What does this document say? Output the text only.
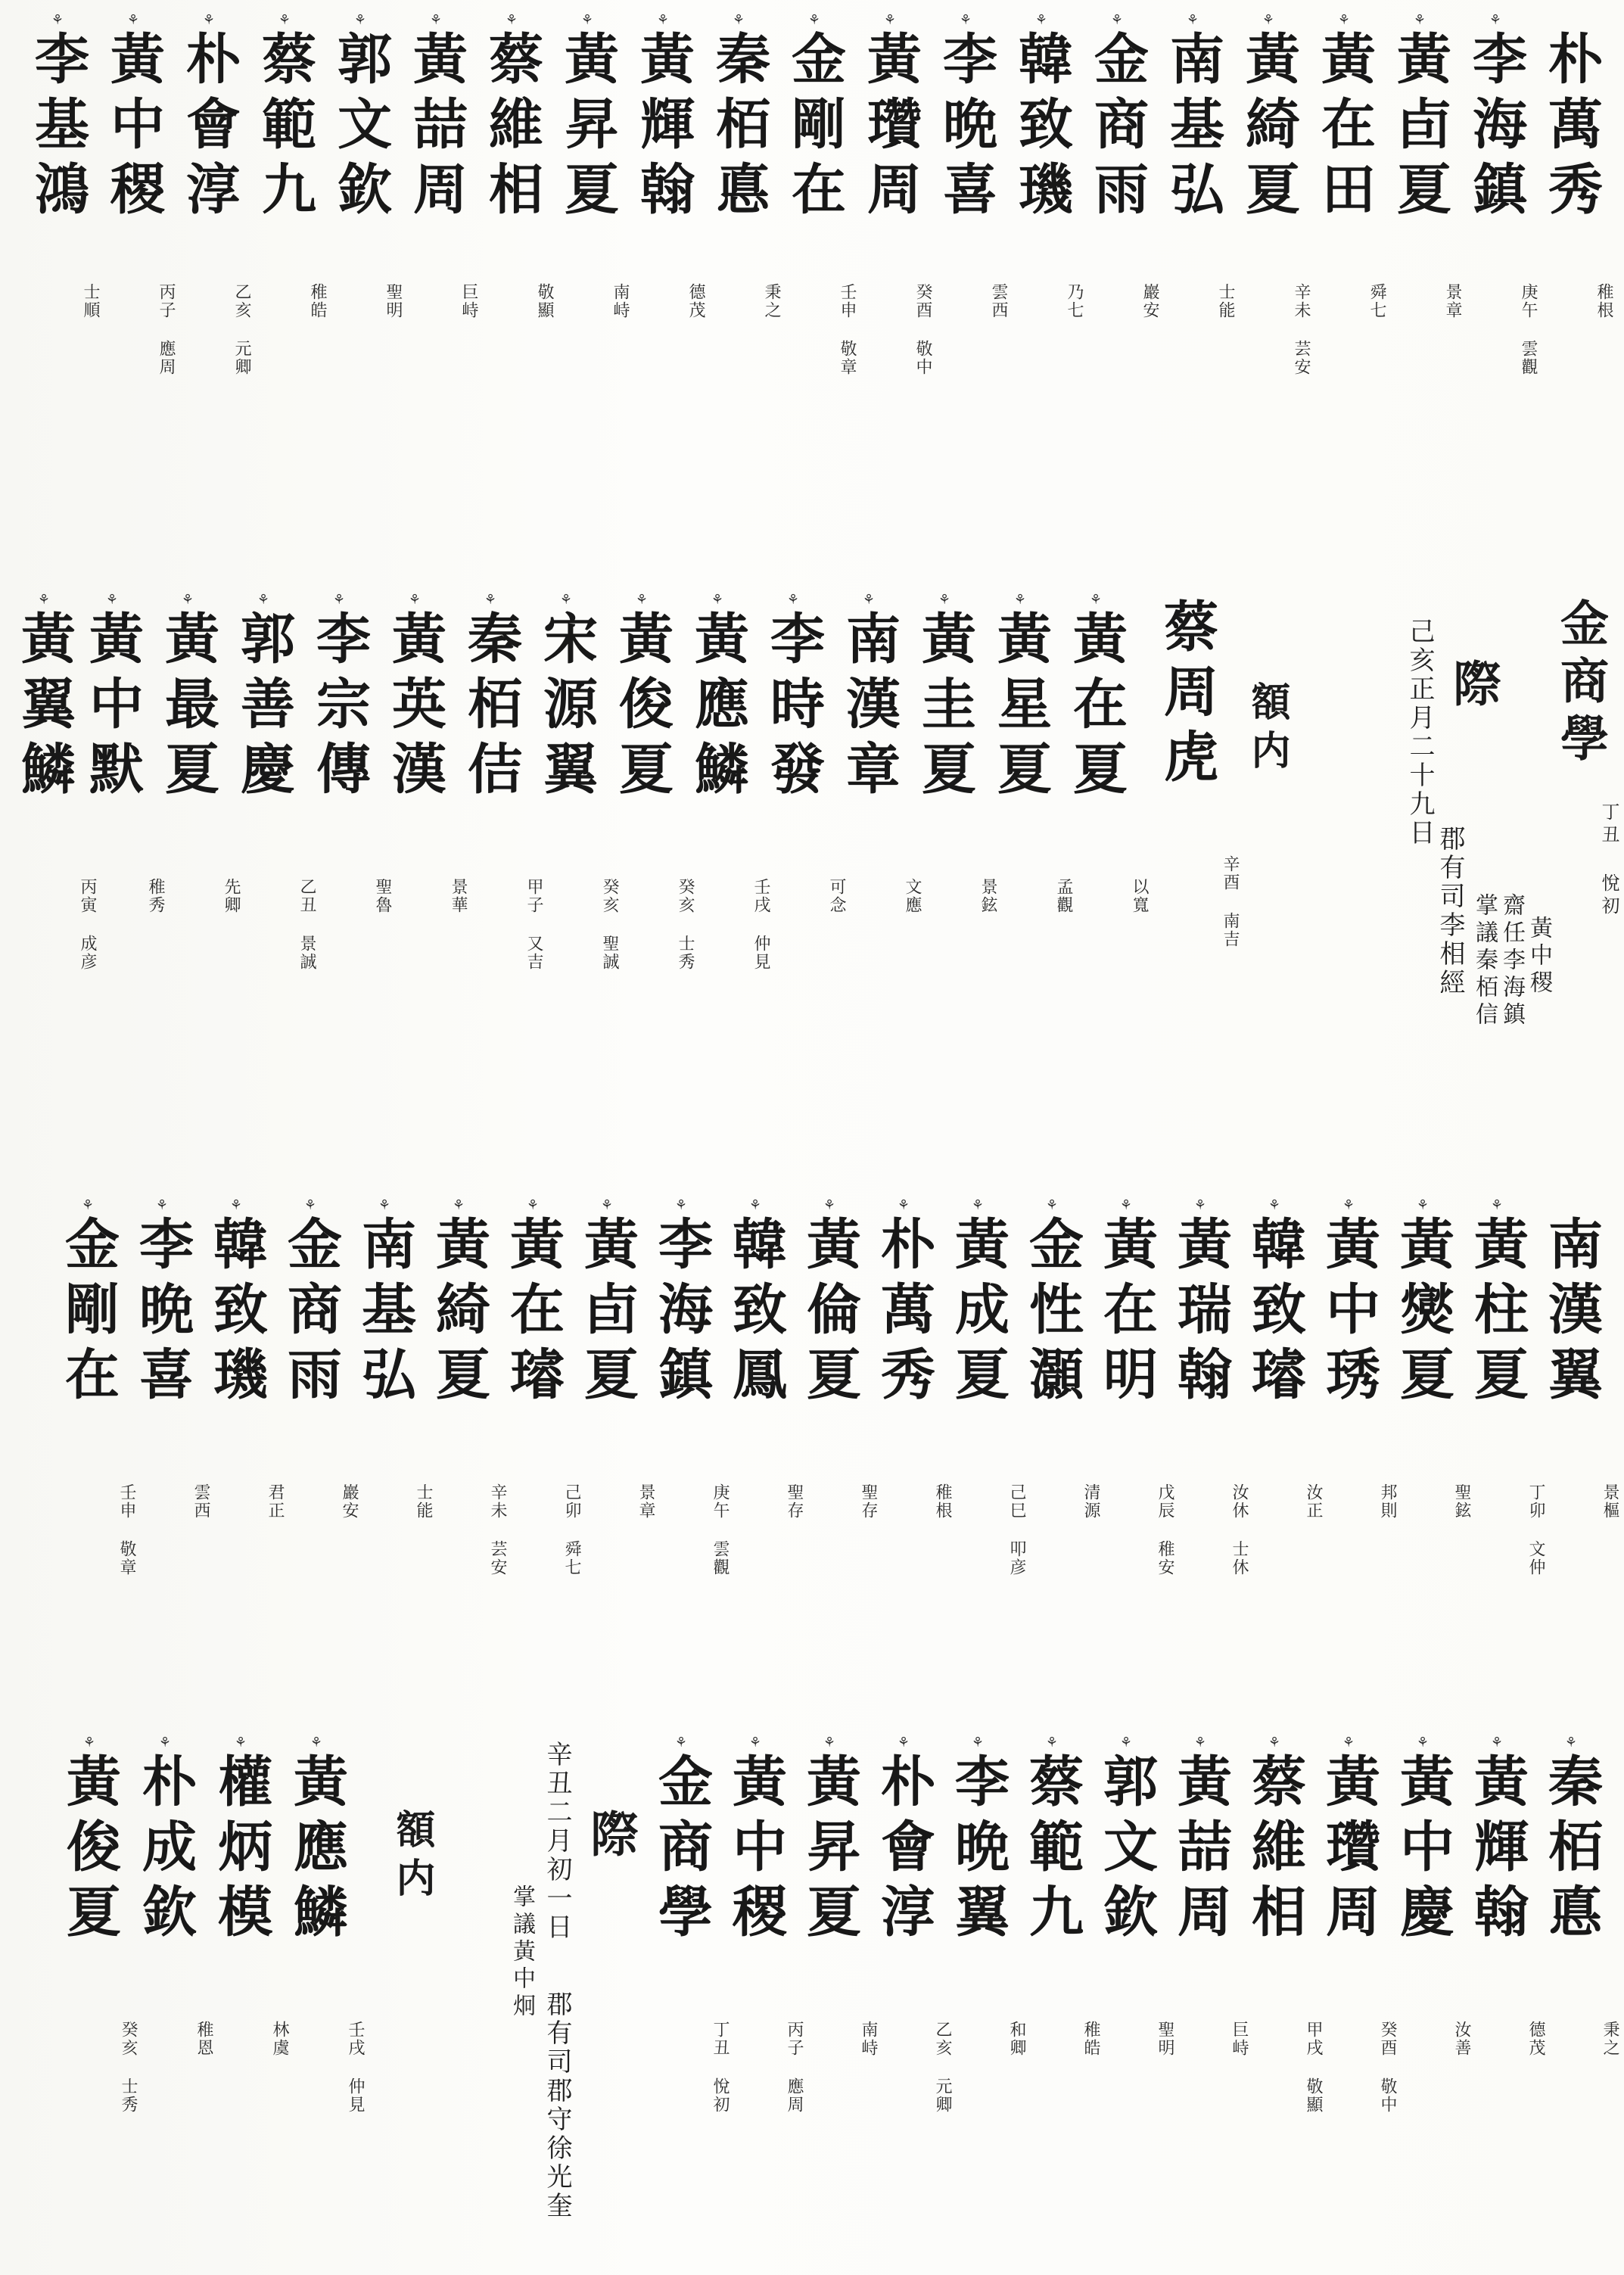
朴萬秀
稚根
⚘
李海鎮
庚午 雲觀
⚘
黃卣夏
景章
⚘
黃在田
舜七
⚘
黃綺夏
辛未 芸安
⚘
南基弘
士能
⚘
金商雨
巖安
⚘
韓致璣
乃七
⚘
李晩喜
雲西
⚘
黃瓚周
癸酉 敬中
⚘
金剛在
壬申 敬章
⚘
秦栢悳
秉之
⚘
黃輝翰
德茂
⚘
黃昇夏
南峙
⚘
蔡維相
敬顯
⚘
黃喆周
巨峙
⚘
郭文欽
聖明
⚘
蔡範九
稚皓
⚘
朴會淳
乙亥 元卿
⚘
黃中稷
丙子 應周
⚘
李基鴻
士順
金商學
丁丑 悅初
際
己亥正月二十九日
郡有司李相經 掌議秦栢信 齋任李海鎮 黃中稷
額内
蔡周虎
辛酉 南吉
⚘
黃在夏
以寬
⚘
黃星夏
孟觀
⚘
黃圭夏
景鉉
⚘
南漢章
文應
⚘
李時發
可念
⚘
黃應鱗
壬戌 仲見
⚘
黃俊夏
癸亥 士秀
⚘
宋源翼
癸亥 聖誠
⚘
秦栢佶
甲子 又吉
⚘
黃英漢
景華
⚘
李宗傳
聖魯
⚘
郭善慶
乙丑 景誠
⚘
黃最夏
先卿
⚘
黃中默
稚秀
⚘
黃翼鱗
丙寅 成彦
南漢翼
景樞
⚘
黃柱夏
丁卯 文仲
⚘
黃爕夏
聖鉉
⚘
黃中琇
邦則
⚘
韓致璿
汝正
⚘
黃瑞翰
汝休 士休
⚘
黃在明
戊辰 稚安
⚘
金性灝
清源
⚘
黃成夏
己巳 叩彦
⚘
朴萬秀
稚根
⚘
黃倫夏
聖存
⚘
韓致鳳
聖存
⚘
李海鎮
庚午 雲觀
⚘
黃卣夏
景章
⚘
黃在璿
己卯 舜七
⚘
黃綺夏
辛未 芸安
⚘
南基弘
士能
⚘
金商雨
巖安
⚘
韓致璣
君正
⚘
李晩喜
雲西
⚘
金剛在
壬申 敬章
⚘
秦栢悳
秉之
⚘
黃輝翰
德茂
⚘
黃中慶
汝善
⚘
黃瓚周
癸酉 敬中
⚘
蔡維相
甲戌 敬顯
⚘
黃喆周
巨峙
⚘
郭文欽
聖明
⚘
蔡範九
稚皓
⚘
李晩翼
和卿
⚘
朴會淳
乙亥 元卿
⚘
黃昇夏
南峙
⚘
黃中稷
丙子 應周
⚘
金商學
丁丑 悅初
際
辛丑二月初一日
郡有司郡守徐光奎
掌議黃中炯
額内
⚘
黃應鱗
壬戌 仲見
⚘
權炳模
林虞
⚘
朴成欽
稚恩
⚘
黃俊夏
癸亥 士秀
